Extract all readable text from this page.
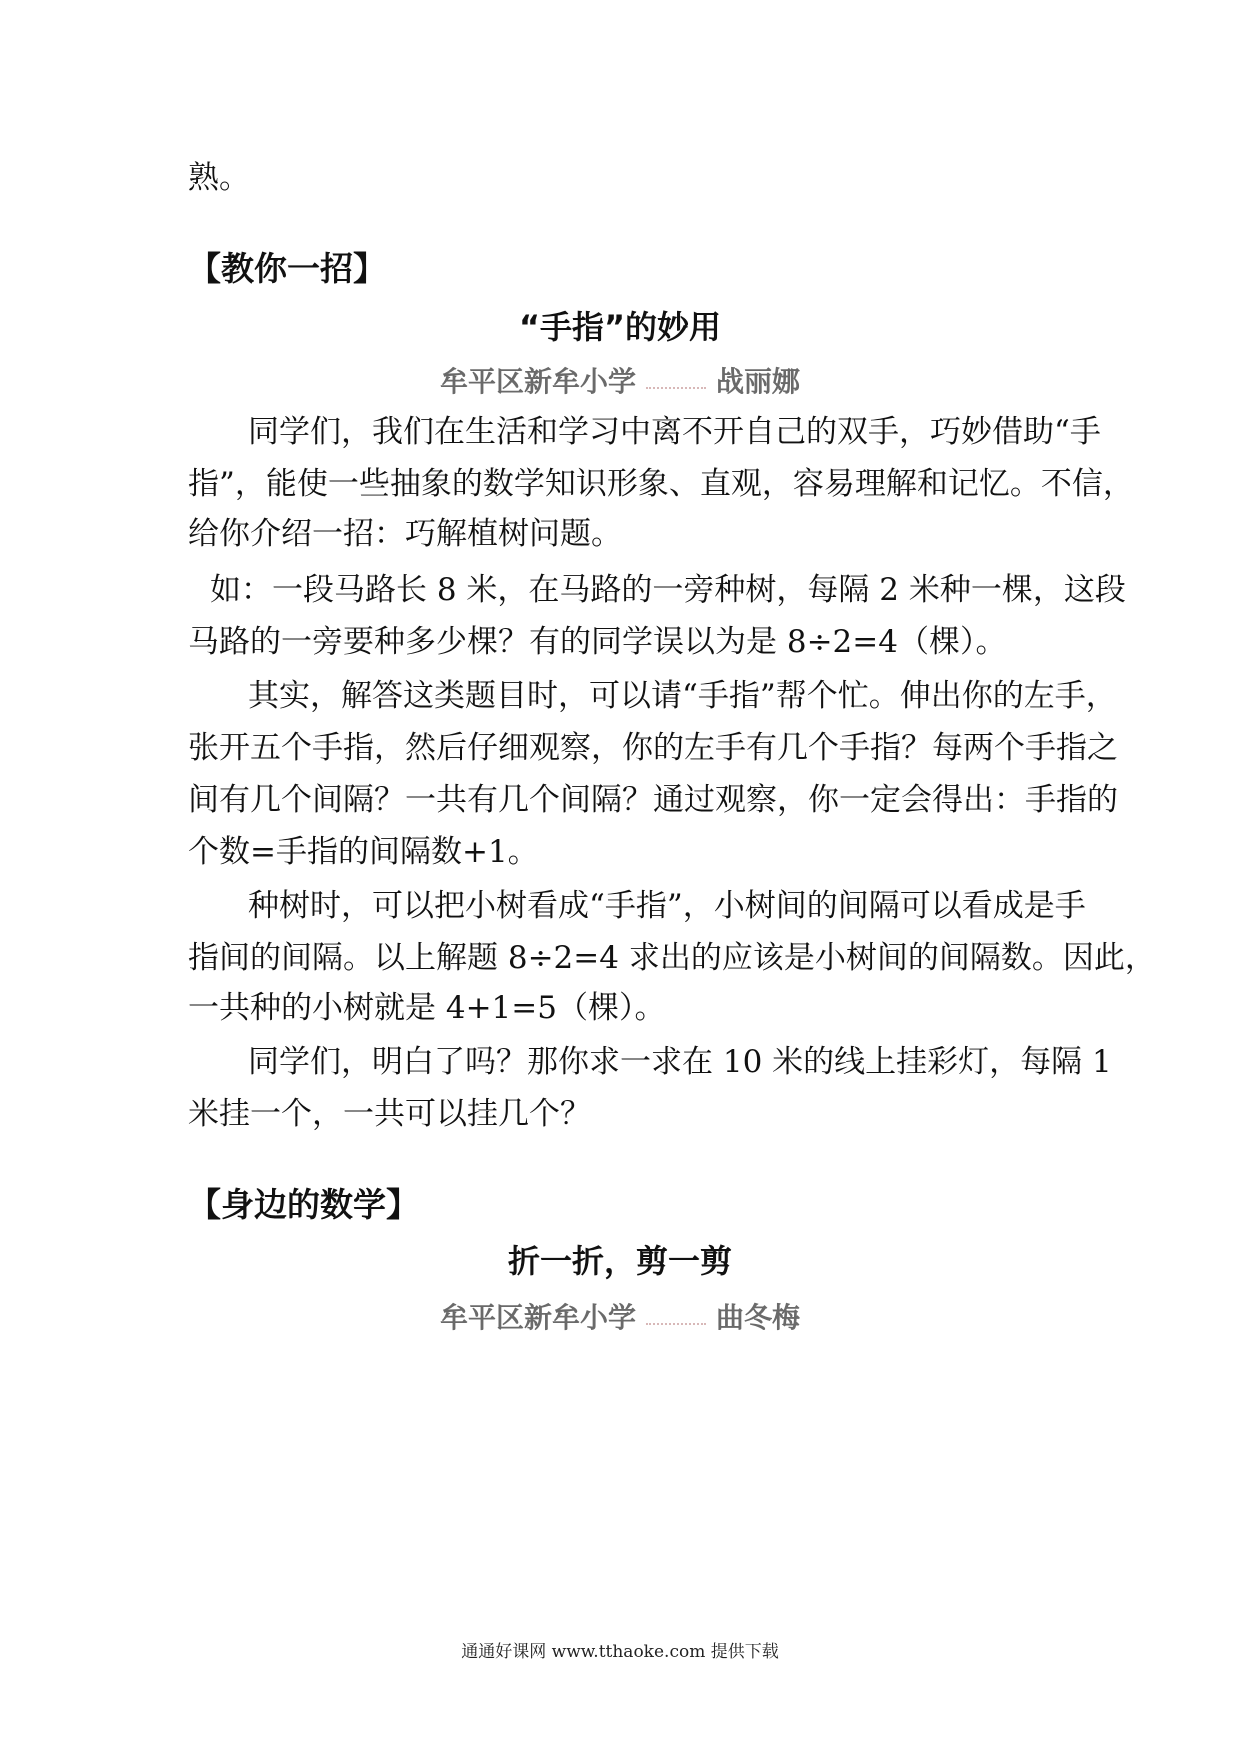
熟。
【教你一招】
“手指”的妙用
牟平区新牟小学	战丽娜
同学们，我们在生活和学习中离不开自己的双手，巧妙借助“手
指”，能使一些抽象的数学知识形象、直观，容易理解和记忆。不信，
给你介绍一招：巧解植树问题。
如：一段马路长 8 米，在马路的一旁种树，每隔 2 米种一棵，这段
马路的一旁要种多少棵？有的同学误以为是 8÷2=4（棵）。
其实，解答这类题目时，可以请“手指”帮个忙。伸出你的左手，
张开五个手指，然后仔细观察，你的左手有几个手指？每两个手指之
间有几个间隔？一共有几个间隔？通过观察，你一定会得出：手指的
个数=手指的间隔数+1。
种树时，可以把小树看成“手指”，小树间的间隔可以看成是手
指间的间隔。以上解题 8÷2=4 求出的应该是小树间的间隔数。因此，
一共种的小树就是 4+1=5（棵）。
同学们，明白了吗？那你求一求在 10 米的线上挂彩灯，每隔 1
米挂一个，一共可以挂几个？
【身边的数学】
折一折，剪一剪
牟平区新牟小学	曲冬梅
通通好课网 www.tthaoke.com 提供下载
